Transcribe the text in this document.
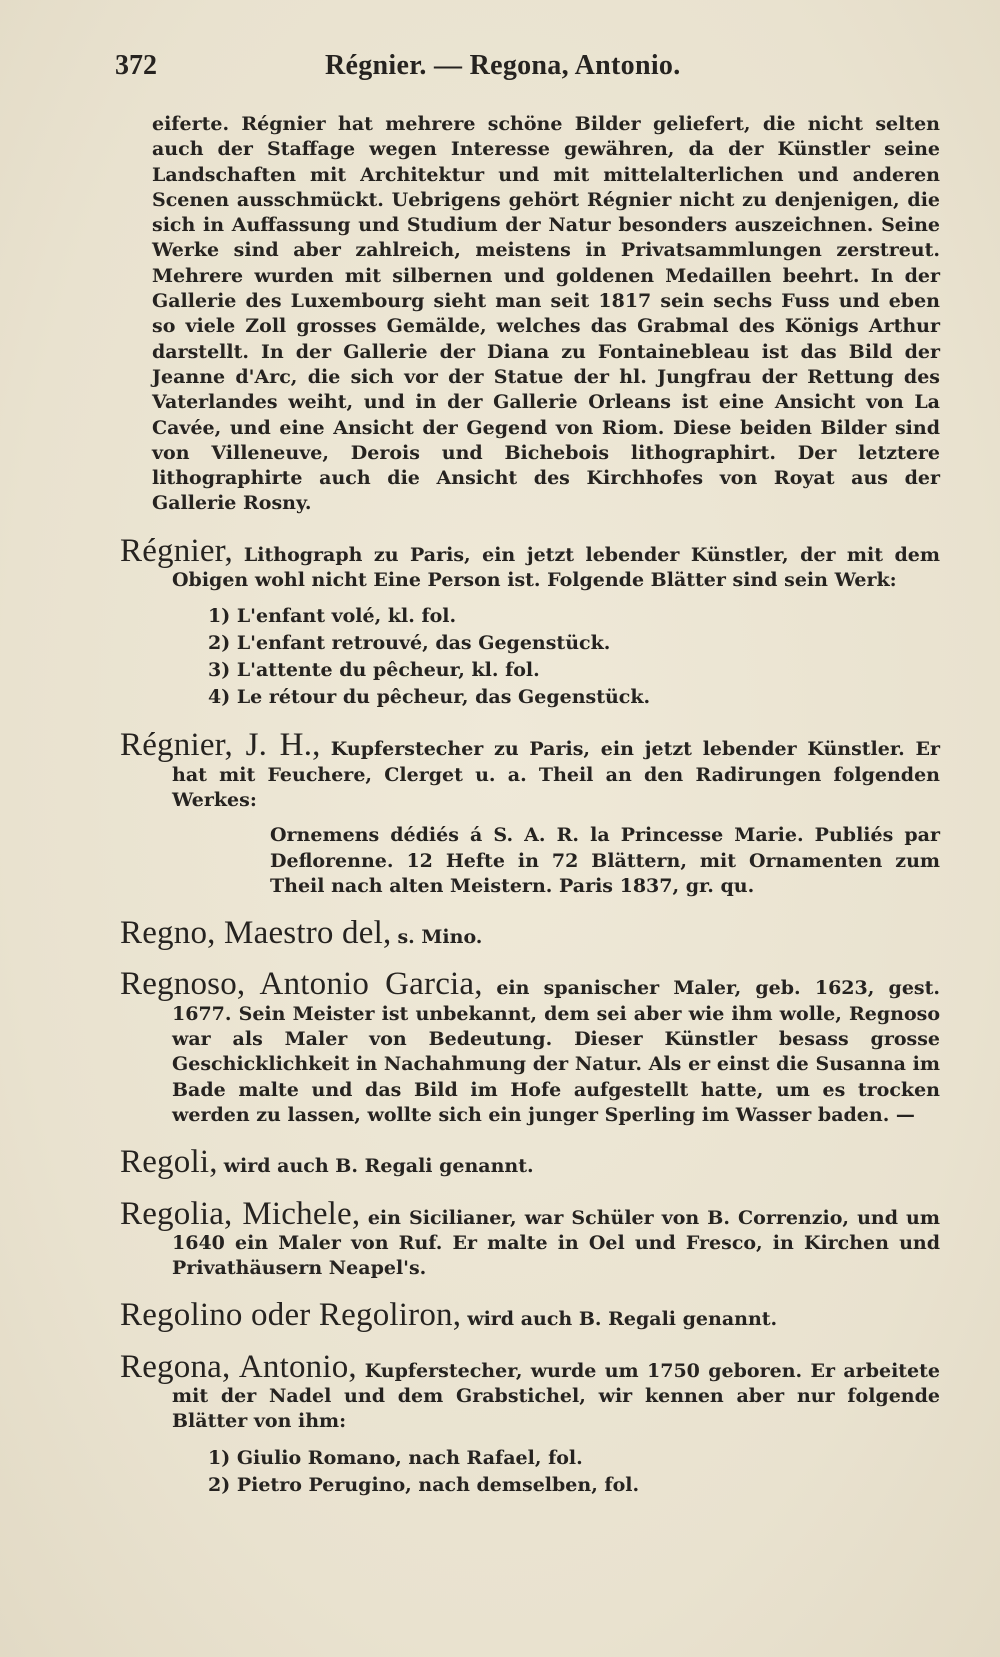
372	Régnier. — Regona, Antonio.

eiferte. Régnier hat mehrere schöne Bilder geliefert, die nicht selten auch der Staffage wegen Interesse gewähren, da der Künstler seine Landschaften mit Architektur und mit mittelalterlichen und anderen Scenen ausschmückt. Uebrigens gehört Régnier nicht zu denjenigen, die sich in Auffassung und Studium der Natur besonders auszeichnen. Seine Werke sind aber zahlreich, meistens in Privatsammlungen zerstreut. Mehrere wurden mit silbernen und goldenen Medaillen beehrt. In der Gallerie des Luxembourg sieht man seit 1817 sein sechs Fuss und eben so viele Zoll grosses Gemälde, welches das Grabmal des Königs Arthur darstellt. In der Gallerie der Diana zu Fontainebleau ist das Bild der Jeanne d'Arc, die sich vor der Statue der hl. Jungfrau der Rettung des Vaterlandes weiht, und in der Gallerie Orleans ist eine Ansicht von La Cavée, und eine Ansicht der Gegend von Riom. Diese beiden Bilder sind von Villeneuve, Derois und Bichebois lithographirt. Der letztere lithographirte auch die Ansicht des Kirchhofes von Royat aus der Gallerie Rosny.

Régnier, Lithograph zu Paris, ein jetzt lebender Künstler, der mit dem Obigen wohl nicht Eine Person ist. Folgende Blätter sind sein Werk:
1) L'enfant volé, kl. fol.
2) L'enfant retrouvé, das Gegenstück.
3) L'attente du pêcheur, kl. fol.
4) Le rétour du pêcheur, das Gegenstück.
Régnier, J. H., Kupferstecher zu Paris, ein jetzt lebender Künstler. Er hat mit Feuchere, Clerget u. a. Theil an den Radirungen folgenden Werkes:

Ornemens dédiés á S. A. R. la Princesse Marie. Publiés par Deflorenne. 12 Hefte in 72 Blättern, mit Ornamenten zum Theil nach alten Meistern. Paris 1837, gr. qu.

Regno, Maestro del, s. Mino.
Regnoso, Antonio Garcia, ein spanischer Maler, geb. 1623, gest. 1677. Sein Meister ist unbekannt, dem sei aber wie ihm wolle, Regnoso war als Maler von Bedeutung. Dieser Künstler besass grosse Geschicklichkeit in Nachahmung der Natur. Als er einst die Susanna im Bade malte und das Bild im Hofe aufgestellt hatte, um es trocken werden zu lassen, wollte sich ein junger Sperling im Wasser baden. —
Regoli, wird auch B. Regali genannt.
Regolia, Michele, ein Sicilianer, war Schüler von B. Correnzio, und um 1640 ein Maler von Ruf. Er malte in Oel und Fresco, in Kirchen und Privathäusern Neapel's.
Regolino oder Regoliron, wird auch B. Regali genannt.
Regona, Antonio, Kupferstecher, wurde um 1750 geboren. Er arbeitete mit der Nadel und dem Grabstichel, wir kennen aber nur folgende Blätter von ihm:
1) Giulio Romano, nach Rafael, fol.
2) Pietro Perugino, nach demselben, fol.
